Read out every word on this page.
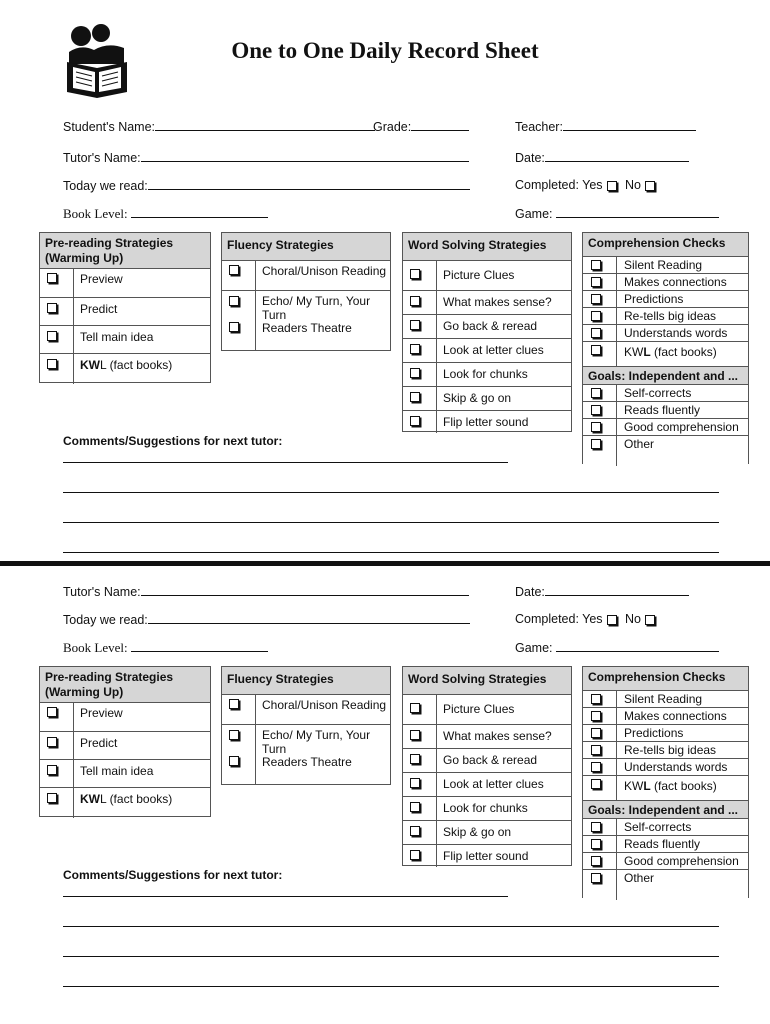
One to One Daily Record Sheet
Student's Name:	Grade:	Teacher:
Tutor's Name:	Date:
Today we read:	Completed: Yes No
Book Level:	Game:
Pre-reading Strategies
(Warming Up)
Preview
Predict
Tell main idea
KWL (fact books)
Fluency Strategies
Choral/Unison Reading
Echo/ My Turn, Your
Turn
Readers Theatre
Word Solving Strategies
Picture Clues
What makes sense?
Go back & reread
Look at letter clues
Look for chunks
Skip & go on
Flip letter sound
Comprehension Checks
Silent Reading
Makes connections
Predictions
Re-tells big ideas
Understands words
KWL (fact books)
Goals: Independent and ...
Self-corrects
Reads fluently
Good comprehension
Other
Comments/Suggestions for next tutor:
Tutor's Name:	Date:
Today we read:	Completed: Yes No
Book Level:	Game:
Pre-reading Strategies
(Warming Up)
Preview
Predict
Tell main idea
KWL (fact books)
Fluency Strategies
Choral/Unison Reading
Echo/ My Turn, Your
Turn
Readers Theatre
Word Solving Strategies
Picture Clues
What makes sense?
Go back & reread
Look at letter clues
Look for chunks
Skip & go on
Flip letter sound
Comprehension Checks
Silent Reading
Makes connections
Predictions
Re-tells big ideas
Understands words
KWL (fact books)
Goals: Independent and ...
Self-corrects
Reads fluently
Good comprehension
Other
Comments/Suggestions for next tutor:
